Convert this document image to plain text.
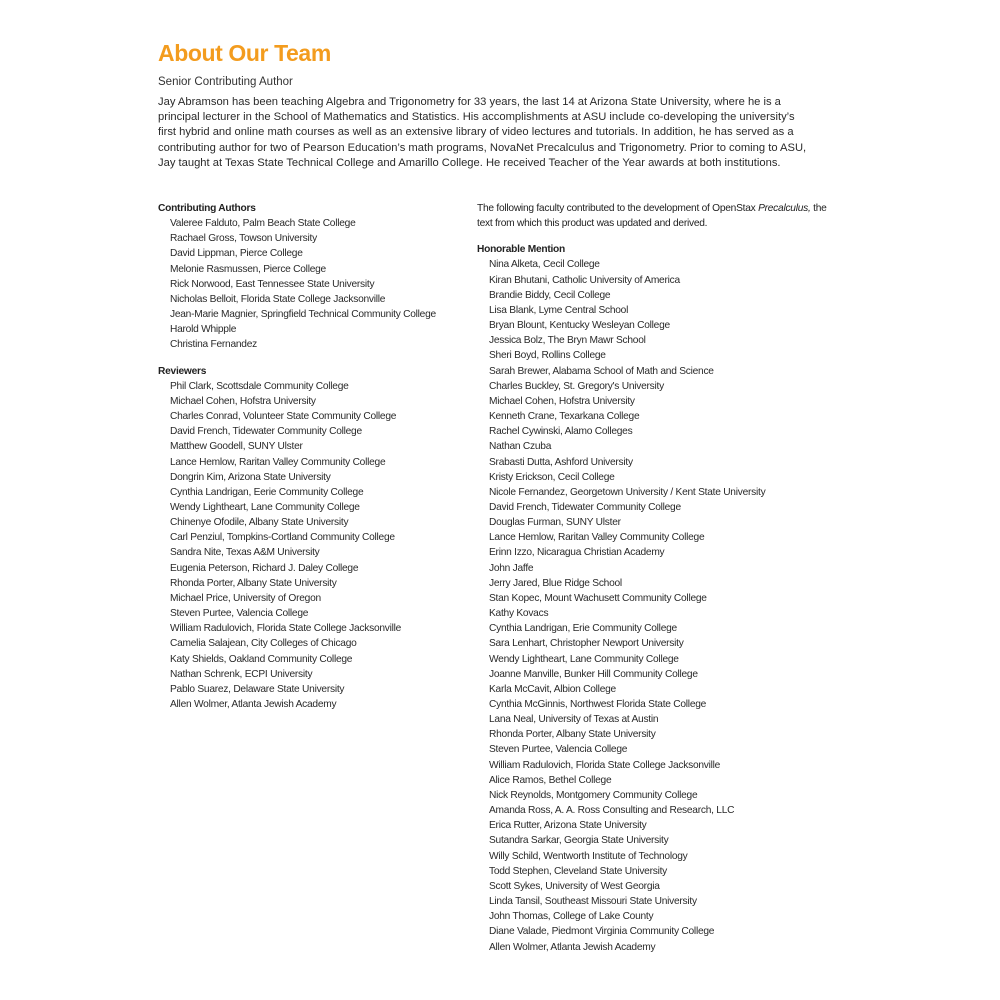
About Our Team
Senior Contributing Author

Jay Abramson has been teaching Algebra and Trigonometry for 33 years, the last 14 at Arizona State University, where he is a principal lecturer in the School of Mathematics and Statistics. His accomplishments at ASU include co-developing the university’s first hybrid and online math courses as well as an extensive library of video lectures and tutorials. In addition, he has served as a contributing author for two of Pearson Education’s math programs, NovaNet Precalculus and Trigonometry. Prior to coming to ASU, Jay taught at Texas State Technical College and Amarillo College. He received Teacher of the Year awards at both institutions.

Contributing Authors
Valeree Falduto, Palm Beach State College
Rachael Gross, Towson University
David Lippman, Pierce College
Melonie Rasmussen, Pierce College
Rick Norwood, East Tennessee State University
Nicholas Belloit, Florida State College Jacksonville
Jean-Marie Magnier, Springfield Technical Community College
Harold Whipple
Christina Fernandez
Reviewers
Phil Clark, Scottsdale Community College
Michael Cohen, Hofstra University
Charles Conrad, Volunteer State Community College
David French, Tidewater Community College
Matthew Goodell, SUNY Ulster
Lance Hemlow, Raritan Valley Community College
Dongrin Kim, Arizona State University
Cynthia Landrigan, Eerie Community College
Wendy Lightheart, Lane Community College
Chinenye Ofodile, Albany State University
Carl Penziul, Tompkins-Cortland Community College
Sandra Nite, Texas A&M University
Eugenia Peterson, Richard J. Daley College
Rhonda Porter, Albany State University
Michael Price, University of Oregon
Steven Purtee, Valencia College
William Radulovich, Florida State College Jacksonville
Camelia Salajean, City Colleges of Chicago
Katy Shields, Oakland Community College
Nathan Schrenk, ECPI University
Pablo Suarez, Delaware State University
Allen Wolmer, Atlanta Jewish Academy

The following faculty contributed to the development of OpenStax Precalculus, the text from which this product was updated and derived.

Honorable Mention
Nina Alketa, Cecil College
Kiran Bhutani, Catholic University of America
Brandie Biddy, Cecil College
Lisa Blank, Lyme Central School
Bryan Blount, Kentucky Wesleyan College
Jessica Bolz, The Bryn Mawr School
Sheri Boyd, Rollins College
Sarah Brewer, Alabama School of Math and Science
Charles Buckley, St. Gregory's University
Michael Cohen, Hofstra University
Kenneth Crane, Texarkana College
Rachel Cywinski, Alamo Colleges
Nathan Czuba
Srabasti Dutta, Ashford University
Kristy Erickson, Cecil College
Nicole Fernandez, Georgetown University / Kent State University
David French, Tidewater Community College
Douglas Furman, SUNY Ulster
Lance Hemlow, Raritan Valley Community College
Erinn Izzo, Nicaragua Christian Academy
John Jaffe
Jerry Jared, Blue Ridge School
Stan Kopec, Mount Wachusett Community College
Kathy Kovacs
Cynthia Landrigan, Erie Community College
Sara Lenhart, Christopher Newport University
Wendy Lightheart, Lane Community College
Joanne Manville, Bunker Hill Community College
Karla McCavit, Albion College
Cynthia McGinnis, Northwest Florida State College
Lana Neal, University of Texas at Austin
Rhonda Porter, Albany State University
Steven Purtee, Valencia College
William Radulovich, Florida State College Jacksonville
Alice Ramos, Bethel College
Nick Reynolds, Montgomery Community College
Amanda Ross, A. A. Ross Consulting and Research, LLC
Erica Rutter, Arizona State University
Sutandra Sarkar, Georgia State University
Willy Schild, Wentworth Institute of Technology
Todd Stephen, Cleveland State University
Scott Sykes, University of West Georgia
Linda Tansil, Southeast Missouri State University
John Thomas, College of Lake County
Diane Valade, Piedmont Virginia Community College
Allen Wolmer, Atlanta Jewish Academy
